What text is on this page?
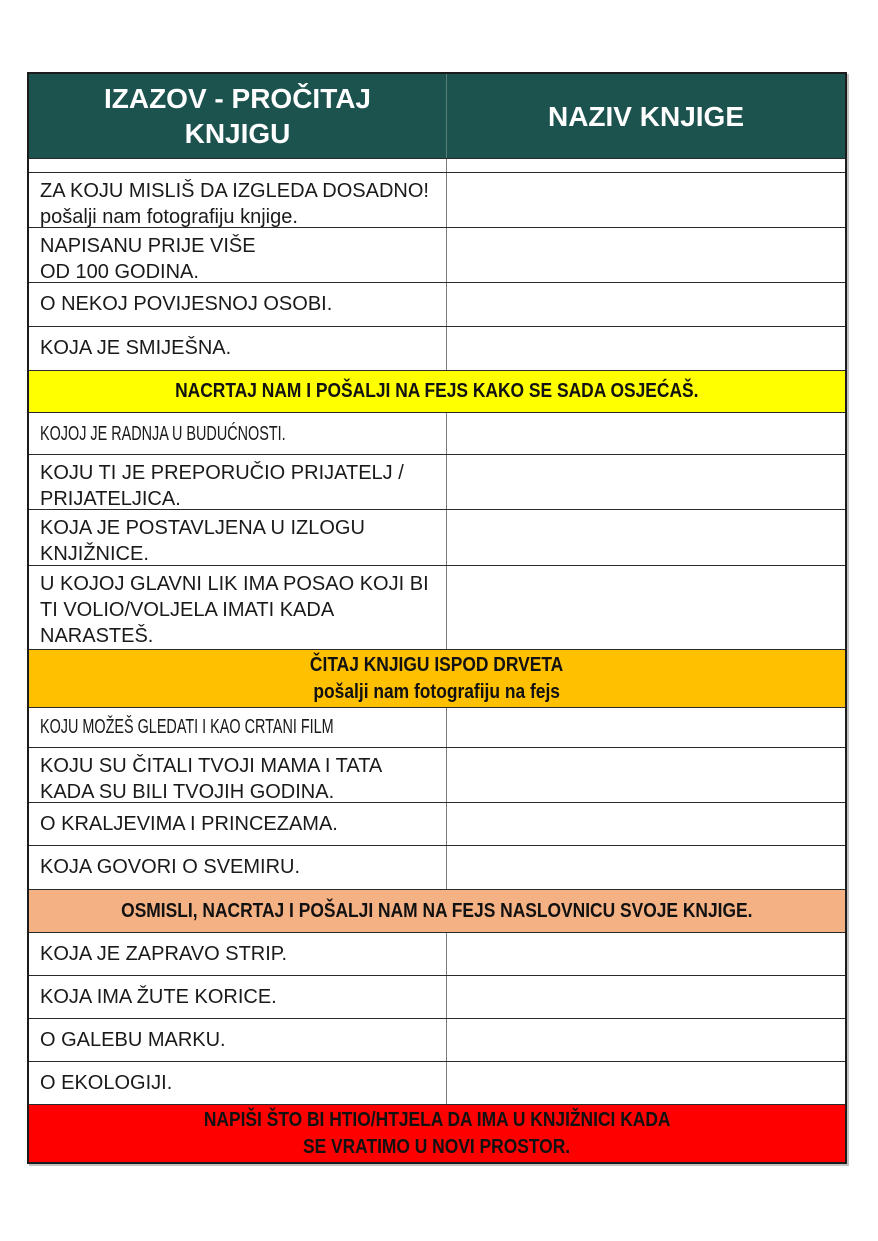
IZAZOV - PROČITAJ KNJIGU
NAZIV KNJIGE
ZA KOJU MISLIŠ DA IZGLEDA DOSADNO!
pošalji nam fotografiju knjige.
NAPISANU PRIJE VIŠE
OD 100 GODINA.
O NEKOJ POVIJESNOJ OSOBI.
KOJA JE SMIJEŠNA.
NACRTAJ NAM I POŠALJI NA FEJS KAKO SE SADA OSJEĆAŠ.
KOJOJ JE RADNJA U BUDUĆNOSTI.
KOJU TI JE PREPORUČIO PRIJATELJ /
PRIJATELJICA.
KOJA JE POSTAVLJENA U IZLOGU
KNJIŽNICE.
U KOJOJ GLAVNI LIK IMA POSAO KOJI BI
TI VOLIO/VOLJELA IMATI KADA
NARASTEŠ.
ČITAJ KNJIGU ISPOD DRVETA
pošalji nam fotografiju na fejs
KOJU MOŽEŠ GLEDATI I KAO CRTANI FILM
KOJU SU ČITALI TVOJI MAMA I TATA
KADA SU BILI TVOJIH GODINA.
O KRALJEVIMA I PRINCEZAMA.
KOJA GOVORI O SVEMIRU.
OSMISLI, NACRTAJ I POŠALJI NAM NA FEJS NASLOVNICU SVOJE KNJIGE.
KOJA JE ZAPRAVO STRIP.
KOJA IMA ŽUTE KORICE.
O GALEBU MARKU.
O EKOLOGIJI.
NAPIŠI ŠTO BI HTIO/HTJELA DA IMA U KNJIŽNICI KADA
SE VRATIMO U NOVI PROSTOR.
